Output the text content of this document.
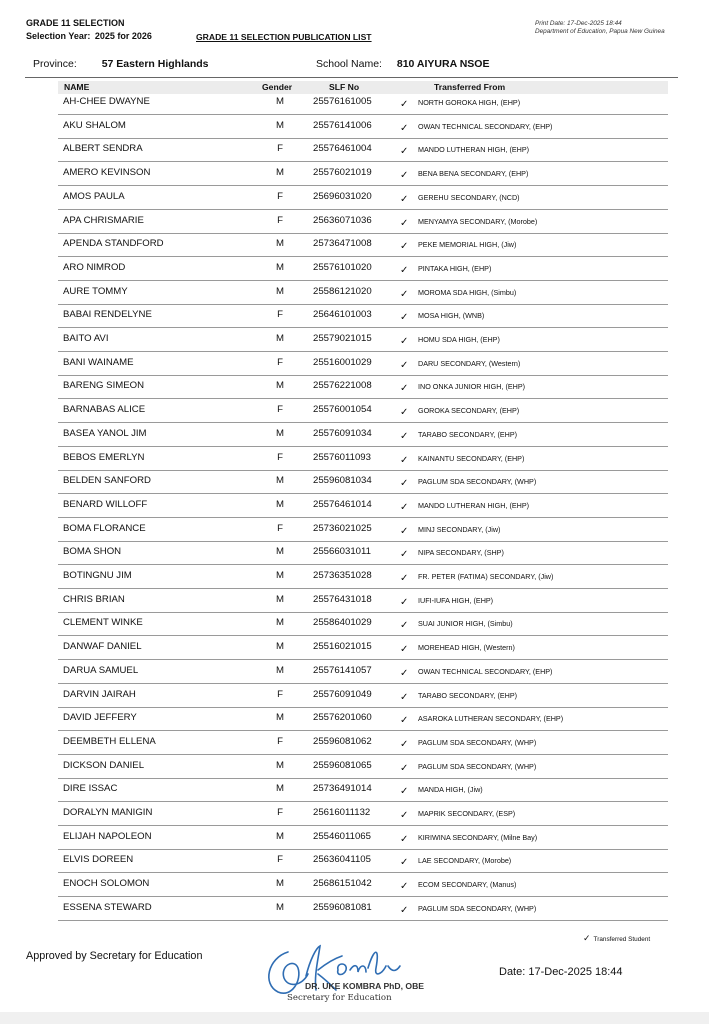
GRADE 11 SELECTION
Selection Year: 2025 for 2026	GRADE 11 SELECTION PUBLICATION LIST
Print Date: 17-Dec-2025 18:44
Department of Education, Papua New Guinea
Province: 57 Eastern Highlands	School Name: 810 AIYURA NSOE
NAME	Gender	SLF No	Transferred From
AH-CHEE DWAYNE	M	25576161005	✓ NORTH GOROKA HIGH, (EHP)
AKU SHALOM	M	25576141006	✓ OWAN TECHNICAL SECONDARY, (EHP)
ALBERT SENDRA	F	25576461004	✓ MANDO LUTHERAN HIGH, (EHP)
AMERO KEVINSON	M	25576021019	✓ BENA BENA SECONDARY, (EHP)
AMOS PAULA	F	25696031020	✓ GEREHU SECONDARY, (NCD)
APA CHRISMARIE	F	25636071036	✓ MENYAMYA SECONDARY, (Morobe)
APENDA STANDFORD	M	25736471008	✓ PEKE MEMORIAL HIGH, (Jiw)
ARO NIMROD	M	25576101020	✓ PINTAKA HIGH, (EHP)
AURE TOMMY	M	25586121020	✓ MOROMA SDA HIGH, (Simbu)
BABAI RENDELYNE	F	25646101003	✓ MOSA HIGH, (WNB)
BAITO AVI	M	25579021015	✓ HOMU SDA HIGH, (EHP)
BANI WAINAME	F	25516001029	✓ DARU SECONDARY, (Western)
BARENG SIMEON	M	25576221008	✓ INO ONKA JUNIOR HIGH, (EHP)
BARNABAS ALICE	F	25576001054	✓ GOROKA SECONDARY, (EHP)
BASEA YANOL JIM	M	25576091034	✓ TARABO SECONDARY, (EHP)
BEBOS EMERLYN	F	25576011093	✓ KAINANTU SECONDARY, (EHP)
BELDEN SANFORD	M	25596081034	✓ PAGLUM SDA SECONDARY, (WHP)
BENARD WILLOFF	M	25576461014	✓ MANDO LUTHERAN HIGH, (EHP)
BOMA FLORANCE	F	25736021025	✓ MINJ SECONDARY, (Jiw)
BOMA SHON	M	25566031011	✓ NIPA SECONDARY, (SHP)
BOTINGNU JIM	M	25736351028	✓ FR. PETER (FATIMA) SECONDARY, (Jiw)
CHRIS BRIAN	M	25576431018	✓ IUFI-IUFA HIGH, (EHP)
CLEMENT WINKE	M	25586401029	✓ SUAI JUNIOR HIGH, (Simbu)
DANWAF DANIEL	M	25516021015	✓ MOREHEAD HIGH, (Western)
DARUA SAMUEL	M	25576141057	✓ OWAN TECHNICAL SECONDARY, (EHP)
DARVIN JAIRAH	F	25576091049	✓ TARABO SECONDARY, (EHP)
DAVID JEFFERY	M	25576201060	✓ ASAROKA LUTHERAN SECONDARY, (EHP)
DEEMBETH ELLENA	F	25596081062	✓ PAGLUM SDA SECONDARY, (WHP)
DICKSON DANIEL	M	25596081065	✓ PAGLUM SDA SECONDARY, (WHP)
DIRE ISSAC	M	25736491014	✓ MANDA HIGH, (Jiw)
DORALYN MANIGIN	F	25616011132	✓ MAPRIK SECONDARY, (ESP)
ELIJAH NAPOLEON	M	25546011065	✓ KIRIWINA SECONDARY, (Milne Bay)
ELVIS DOREEN	F	25636041105	✓ LAE SECONDARY, (Morobe)
ENOCH SOLOMON	M	25686151042	✓ ECOM SECONDARY, (Manus)
ESSENA STEWARD	M	25596081081	✓ PAGLUM SDA SECONDARY, (WHP)
✓ Transferred Student
Approved by Secretary for Education
DR. UKE KOMBRA PhD, OBE
Secretary for Education
Date: 17-Dec-2025 18:44
